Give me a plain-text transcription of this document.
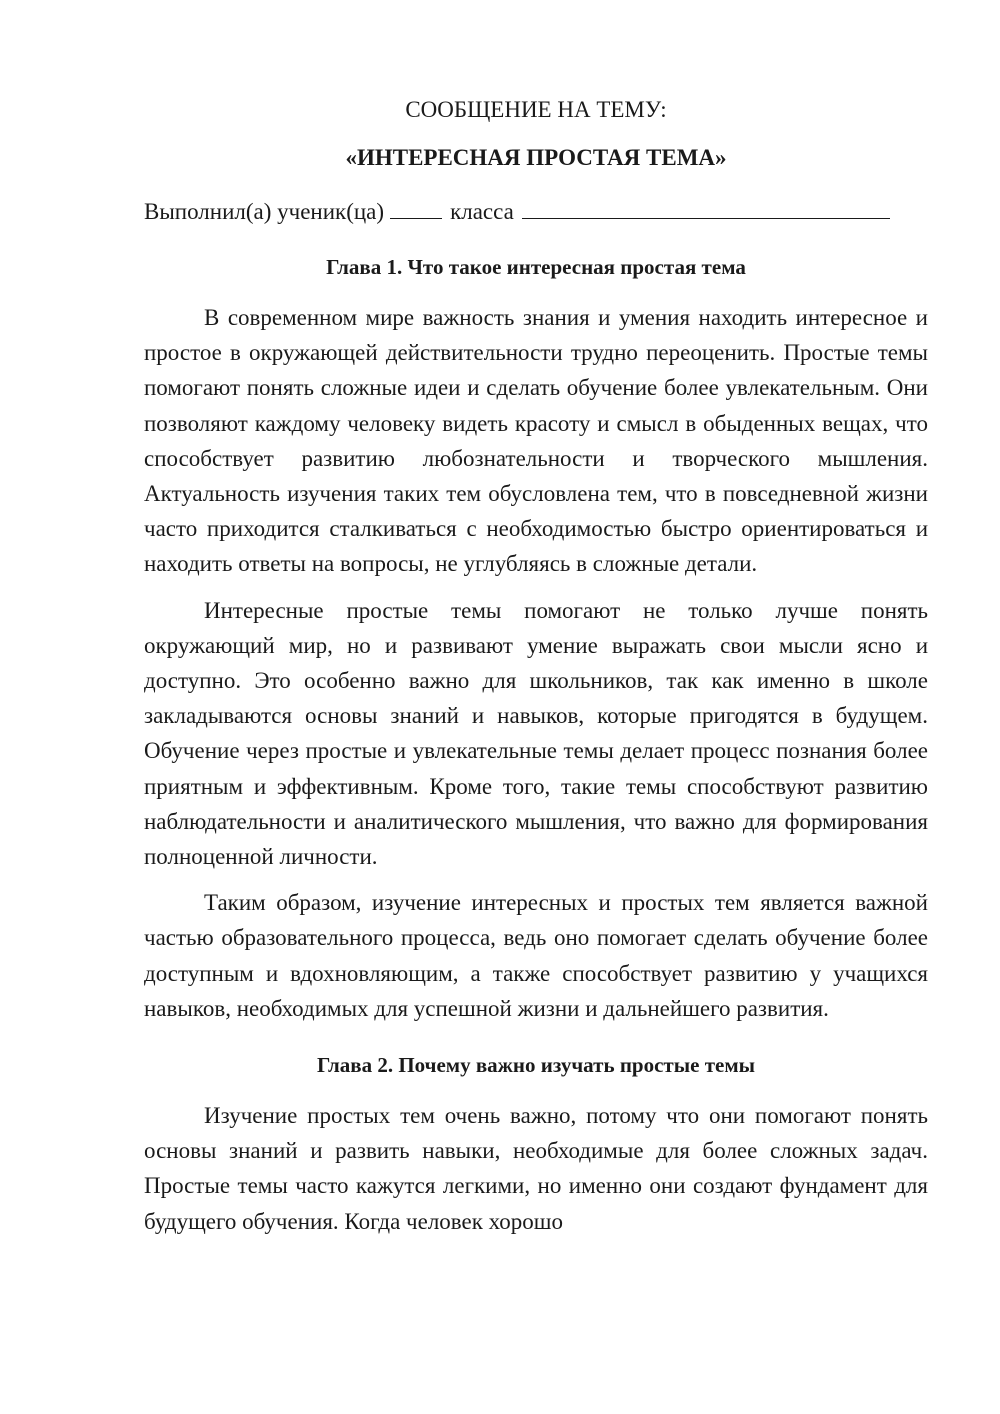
СООБЩЕНИЕ НА ТЕМУ:

«ИНТЕРЕСНАЯ ПРОСТАЯ ТЕМА»

Выполнил(а) ученик(ца)	класса
Глава 1. Что такое интересная простая тема

В современном мире важность знания и умения находить интересное и простое в окружающей действительности трудно переоценить. Простые темы помогают понять сложные идеи и сделать обучение более увлекательным. Они позволяют каждому человеку видеть красоту и смысл в обыденных вещах, что способствует развитию любознательности и творческого мышления. Актуальность изучения таких тем обусловлена тем, что в повседневной жизни часто приходится сталкиваться с необходимостью быстро ориентироваться и находить ответы на вопросы, не углубляясь в сложные детали.

Интересные простые темы помогают не только лучше понять окружающий мир, но и развивают умение выражать свои мысли ясно и доступно. Это особенно важно для школьников, так как именно в школе закладываются основы знаний и навыков, которые пригодятся в будущем. Обучение через простые и увлекательные темы делает процесс познания более приятным и эффективным. Кроме того, такие темы способствуют развитию наблюдательности и аналитического мышления, что важно для формирования полноценной личности.

Таким образом, изучение интересных и простых тем является важной частью образовательного процесса, ведь оно помогает сделать обучение более доступным и вдохновляющим, а также способствует развитию у учащихся навыков, необходимых для успешной жизни и дальнейшего развития.

Глава 2. Почему важно изучать простые темы

Изучение простых тем очень важно, потому что они помогают понять основы знаний и развить навыки, необходимые для более сложных задач. Простые темы часто кажутся легкими, но именно они создают фундамент для будущего обучения. Когда человек хорошо
